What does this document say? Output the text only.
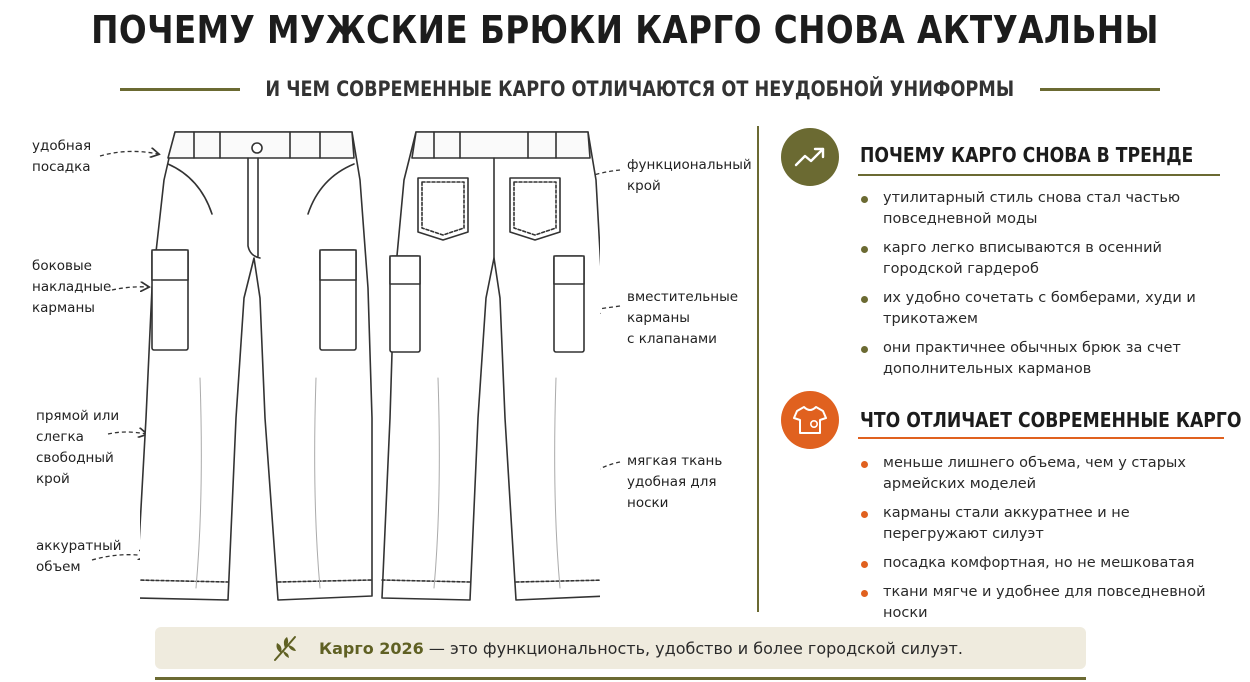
ПОЧЕМУ МУЖСКИЕ БРЮКИ КАРГО СНОВА АКТУАЛЬНЫ
И ЧЕМ СОВРЕМЕННЫЕ КАРГО ОТЛИЧАЮТСЯ ОТ НЕУДОБНОЙ УНИФОРМЫ
удобная
посадка
боковые
накладные
карманы
прямой или
слегка
свободный
крой
аккуратный
объем
функциональный
крой
вместительные
карманы
с клапанами
мягкая ткань
удобная для
носки
ПОЧЕМУ КАРГО СНОВА В ТРЕНДЕ
утилитарный стиль снова стал частью повседневной моды
карго легко вписываются в осенний городской гардероб
их удобно сочетать с бомберами, худи и трикотажем
они практичнее обычных брюк за счет дополнительных карманов
ЧТО ОТЛИЧАЕТ СОВРЕМЕННЫЕ КАРГО
меньше лишнего объема, чем у старых армейских моделей
карманы стали аккуратнее и не перегружают силуэт
посадка комфортная, но не мешковатая
ткани мягче и удобнее для повседневной носки
Карго 2026 — это функциональность, удобство и более городской силуэт.
